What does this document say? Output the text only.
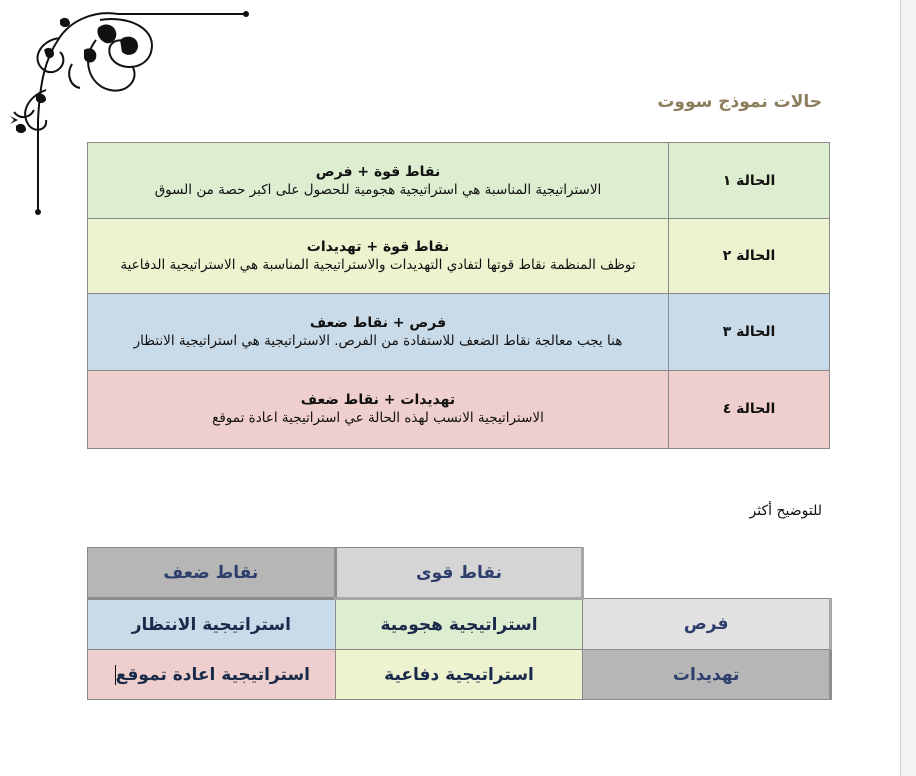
حالات نموذج سووت
الحالة ١	نقاط قوة + فرص
الاستراتيجية المناسبة هي استراتيجية هجومية للحصول على اكبر حصة من السوق

الحالة ٢	نقاط قوة + تهديدات
توظف المنظمة نقاط قوتها لتفادي التهديدات والاستراتيجية المناسبة هي الاستراتيجية الدفاعية

الحالة ٣	فرص + نقاط ضعف
هنا يجب معالجة نقاط الضعف للاستفادة من الفرص. الاستراتيجية هي استراتيجية الانتظار

الحالة ٤	تهديدات + نقاط ضعف
الاستراتيجية الانسب لهذه الحالة عي استراتيجية اعادة تموقع
للتوضيح أكثر
	نقاط قوى	نقاط ضعف
فرص	استراتيجية هجومية	استراتيجية الانتظار
تهديدات	استراتيجية دفاعية	استراتيجية اعادة تموقع
